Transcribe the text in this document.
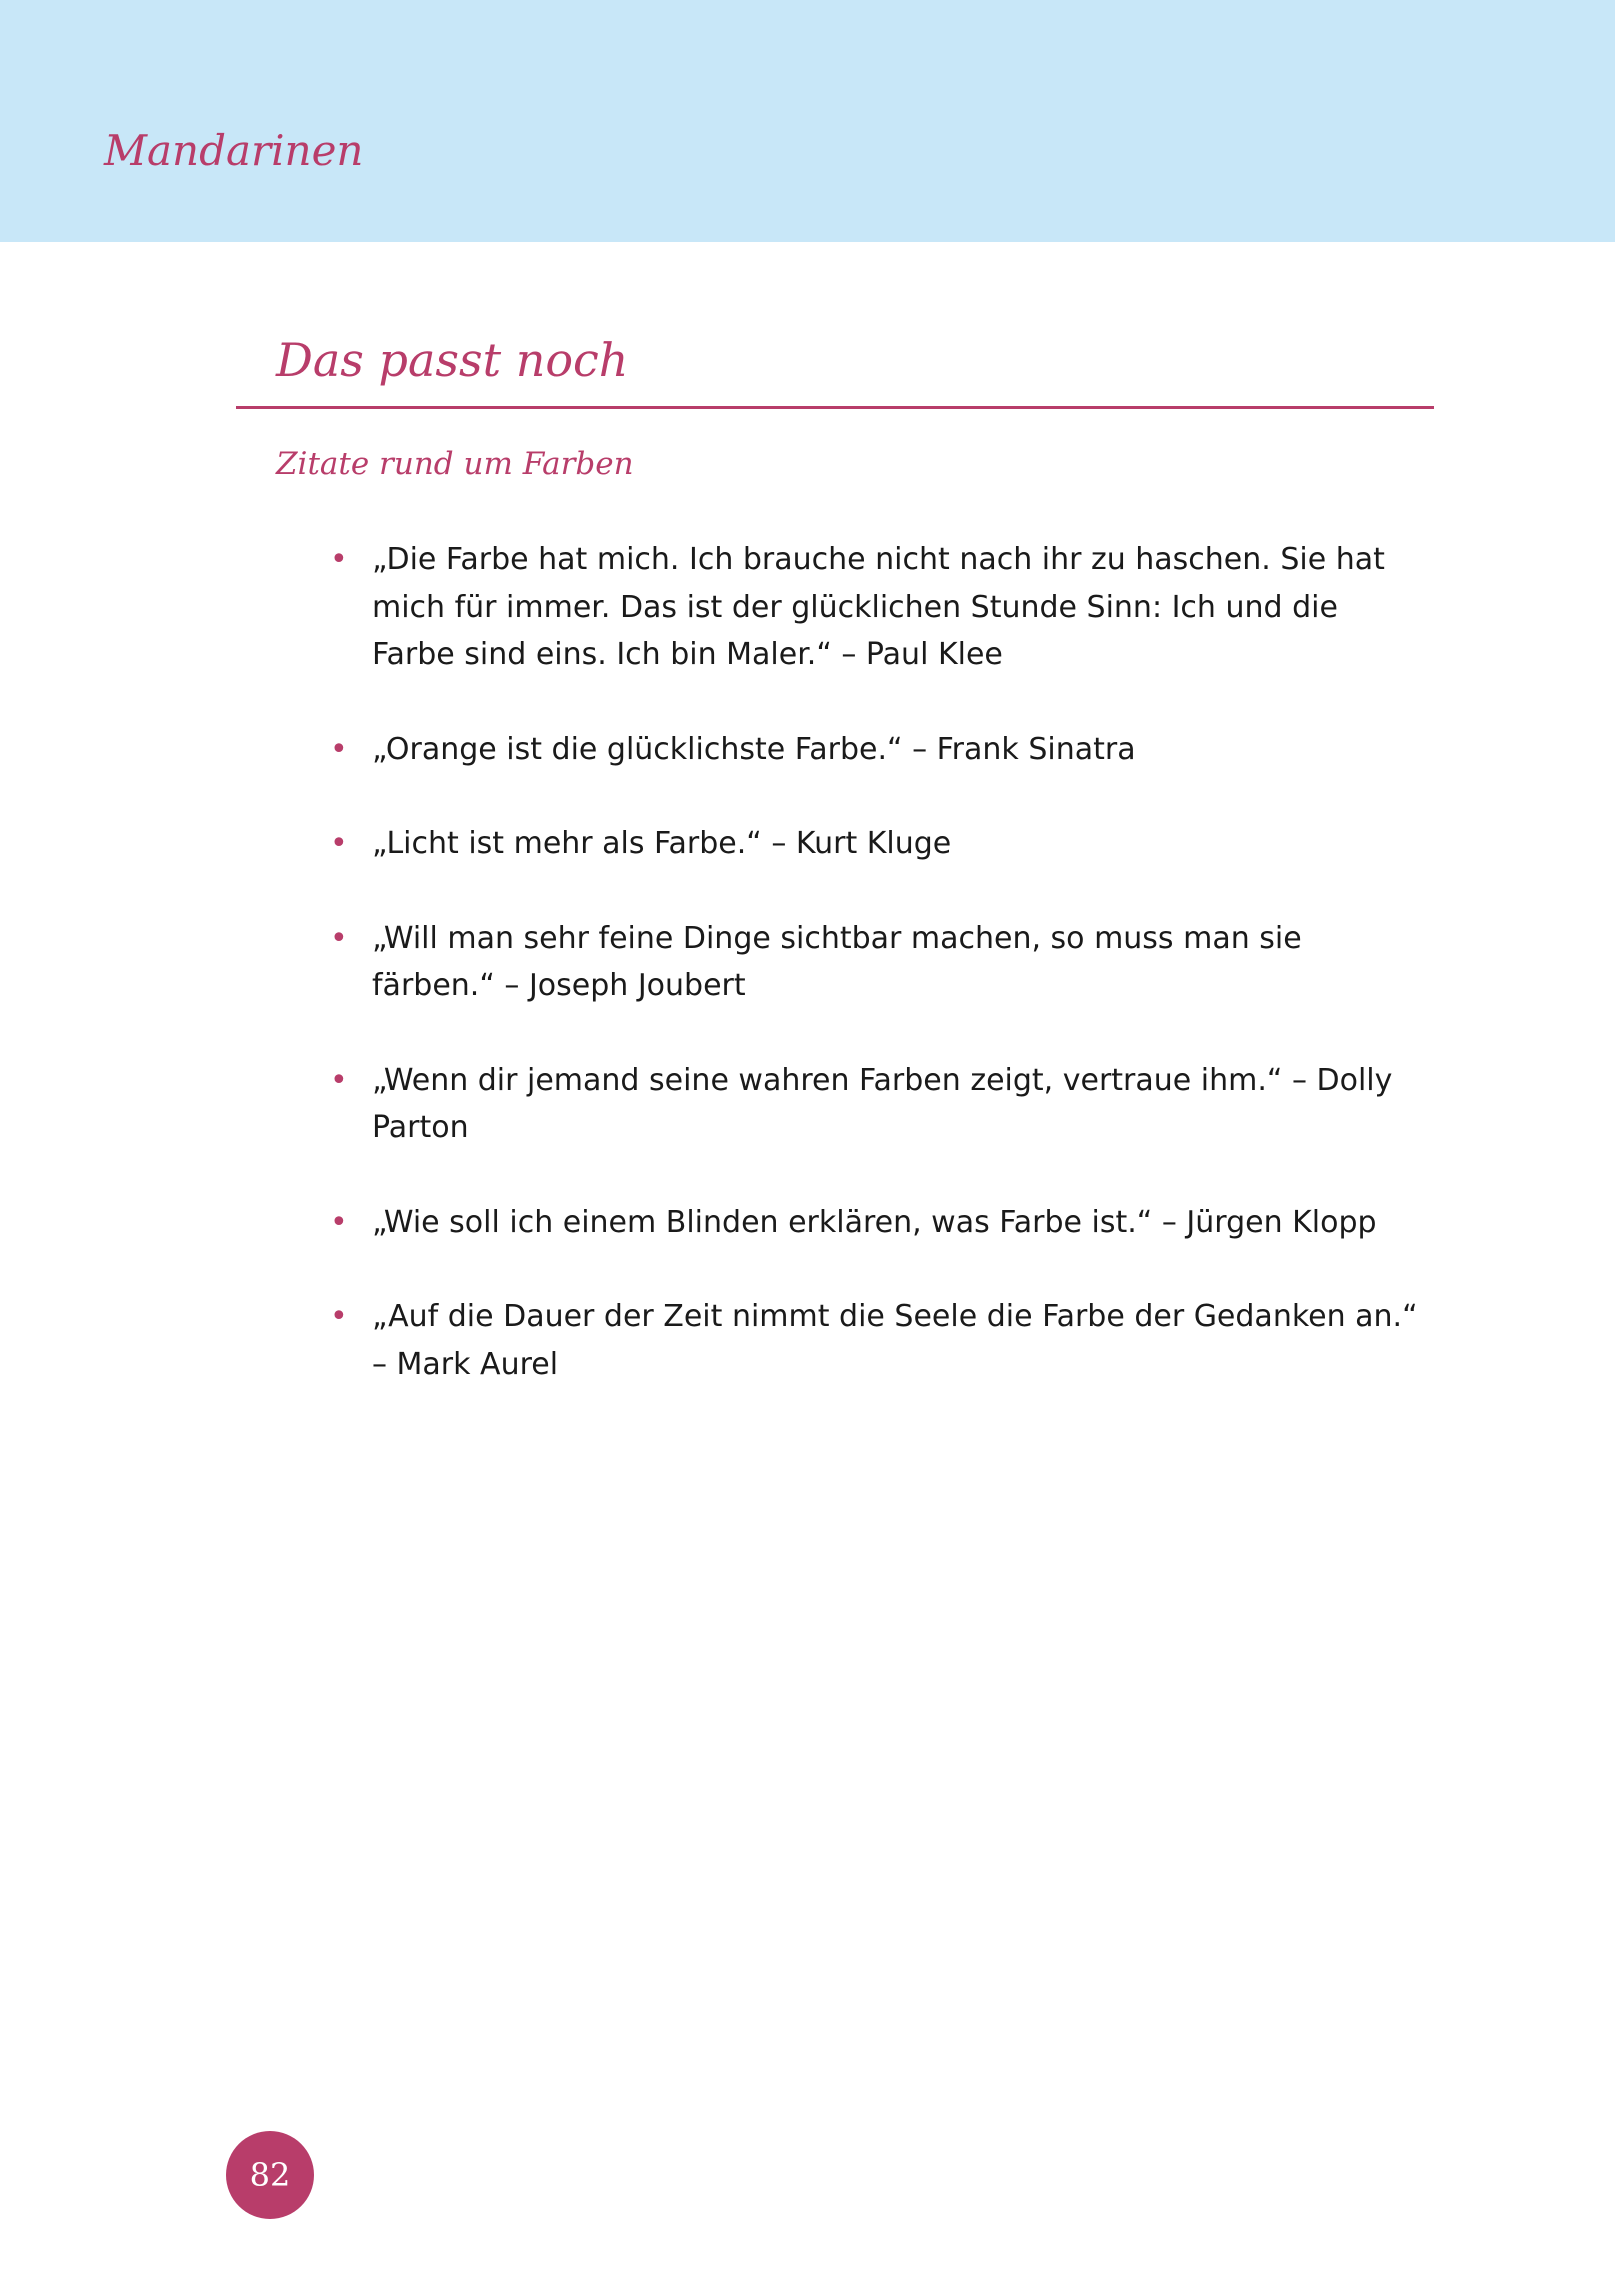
Mandarinen
Das passt noch
Zitate rund um Farben
• „Die Farbe hat mich. Ich brauche nicht nach ihr zu haschen. Sie hat mich für immer. Das ist der glücklichen Stunde Sinn: Ich und die Farbe sind eins. Ich bin Maler.“ – Paul Klee
• „Orange ist die glücklichste Farbe.“ – Frank Sinatra
• „Licht ist mehr als Farbe.“ – Kurt Kluge
• „Will man sehr feine Dinge sichtbar machen, so muss man sie färben.“ – Joseph Joubert
• „Wenn dir jemand seine wahren Farben zeigt, vertraue ihm.“ – Dolly Parton
• „Wie soll ich einem Blinden erklären, was Farbe ist.“ – Jürgen Klopp
• „Auf die Dauer der Zeit nimmt die Seele die Farbe der Gedanken an.“ – Mark Aurel
82
